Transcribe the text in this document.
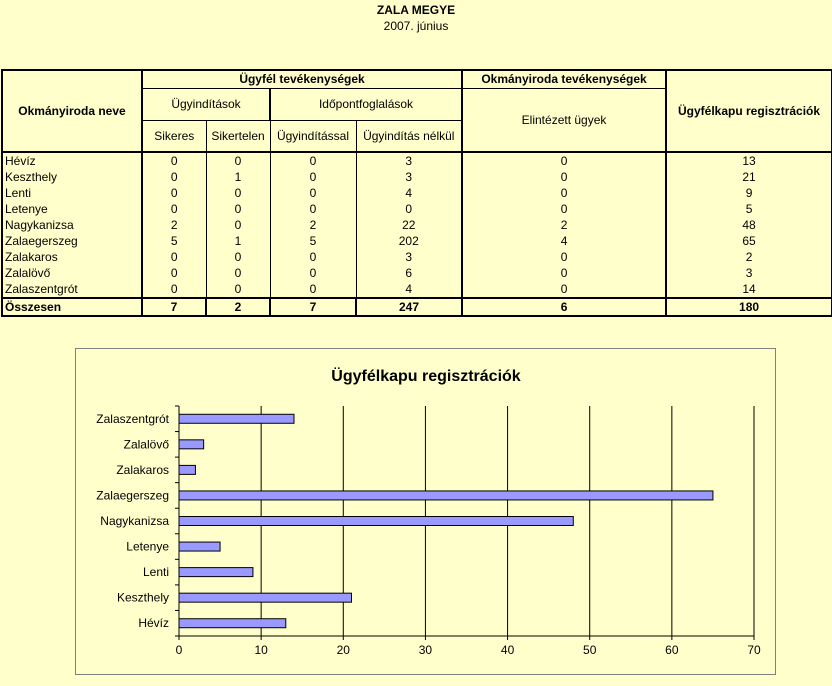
ZALA MEGYE
2007. június
Okmányiroda neve	Ügyfél tevékenységek				Okmányiroda tevékenységek	Ügyfélkapu regisztrációk
	Ügyindítások		Időpontfoglalások		Elintézett ügyek	
	Sikeres	Sikertelen	Ügyindítással	Ügyindítás nélkül		
Hévíz	0	0	0	3	0	13
Keszthely	0	1	0	3	0	21
Lenti	0	0	0	4	0	9
Letenye	0	0	0	0	0	5
Nagykanizsa	2	0	2	22	2	48
Zalaegerszeg	5	1	5	202	4	65
Zalakaros	0	0	0	3	0	2
Zalalövő	0	0	0	6	0	3
Zalaszentgrót	0	0	0	4	0	14
Összesen	7	2	7	247	6	180
Ügyfélkapu regisztrációk
0	10	20	30	40	50	60	70
Hévíz
Keszthely
Lenti
Letenye
Nagykanizsa
Zalaegerszeg
Zalakaros
Zalalövő
Zalaszentgrót
